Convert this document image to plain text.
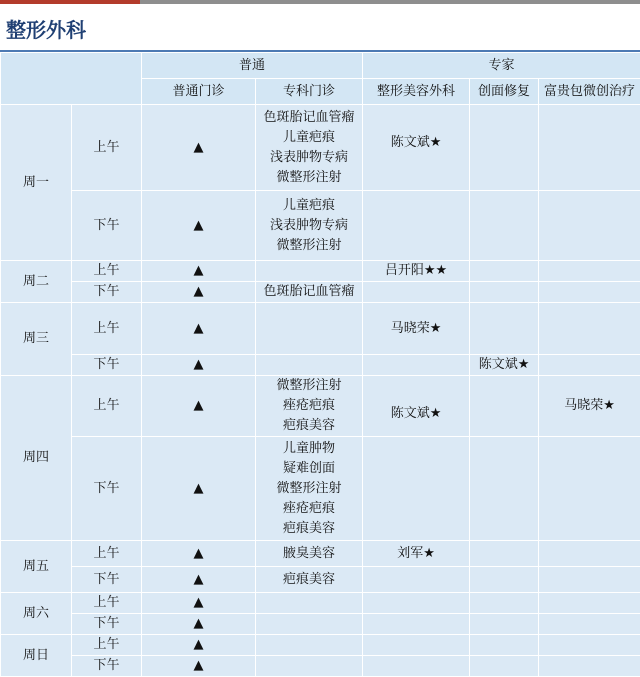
整形外科
		普通		专家		
		普通门诊	专科门诊	整形美容外科	创面修复	富贵包微创治疗
周一	上午	▲	色斑胎记血管瘤
儿童疤痕
浅表肿物专病
微整形注射	陈文斌★		
	下午	▲	儿童疤痕
浅表肿物专病
微整形注射			

周二	上午	▲		吕开阳★★		
	下午	▲	色斑胎记血管瘤			

周三	上午	▲		马晓荣★		
	下午	▲			陈文斌★	
周四	上午	▲	微整形注射
痤疮疤痕
疤痕美容	陈文斌★		马晓荣★
	下午	▲	儿童肿物
疑难创面
微整形注射
痤疮疤痕
疤痕美容			

周五	上午	▲	腋臭美容	刘军★		
	下午	▲	疤痕美容			

周六	上午	▲				
	下午	▲				
周日	上午	▲				
	下午	▲				
